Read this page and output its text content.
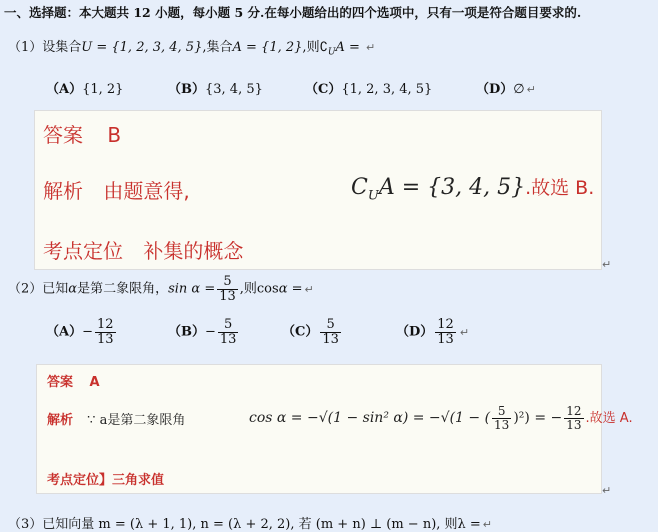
一、选择题：本大题共 12 小题，每小题 5 分.在每小题给出的四个选项中，只有一项是符合题目要求的.
（1）设集合U = {1, 2, 3, 4, 5},集合A = {1, 2},则$∁_UA$ = ↵
（A）{1, 2}	（B）{3, 4, 5}	（C）{1, 2, 3, 4, 5}	（D）∅ ↵
答案 B
解析 由题意得,	$C_UA = \{3$, 4, 5}.故选 B.
考点定位 补集的概念
↵
（2）已知α是第二象限角，$\sin \alpha = \frac{5}{13}$ ,则cosα = ↵
$(A)- \frac{12}{13}$	$(B)- \frac{5}{13}$	$(C) \frac{5}{13}$	$(D) \frac{12}{13}$ ↵
答案 A
解析 ∵ a是第二象限角	cos α = −√(1 − sin² α) = −√(1 − ( $\frac{5}{13} )^2$) = − $\frac{12}{13}$ .故选 A.
考点定位】三角求值
↵
（3）已知向量 m = (λ + 1, 1), n = (λ + 2, 2), 若 (m + n) ⊥ (m − n), 则λ = ↵
